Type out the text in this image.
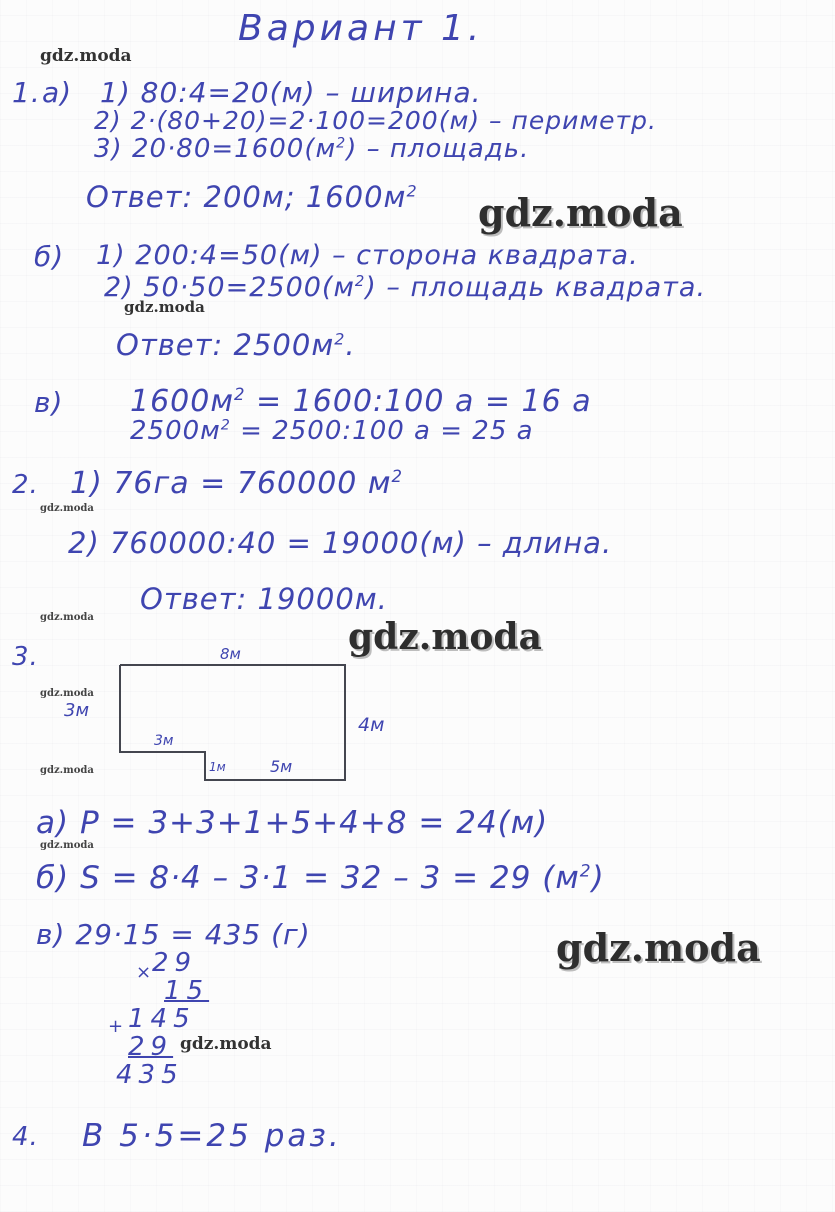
Вариант 1.
gdz.moda
gdz.moda
gdz.moda
gdz.moda
gdz.moda	gdz.moda
gdz.moda
gdz.moda
gdz.moda
gdz.moda
gdz.moda
1. а) 1) 80:4=20(м) – ширина.
2) 2·(80+20)=2·100=200(м) – периметр.
3) $20\cdot 80=1600(м^2)$ – площадь.
Ответ: 200м; $1600м^2$
б) 1) 200:4=50(м) – сторона квадрата.
2) $50\cdot 50=2500(м^2)$ – площадь квадрата.
Ответ: $2500м^2$.
в) $1600м^2$ = 1600:100 а = 16 а
$2500м^2$ = 2500:100 а = 25 а
2. 1) 76га = 760000 $м^2$
2) 760000:40 = 19000(м) – длина.
Ответ: 19000м.
3.	8м
3м
4м
3м
1м	5м
а) P = 3+3+1+5+4+8 = 24(м)
б) S = 8·4 – 3·1 = 32 – 3 = 29 $(м^2)$
в) 29·15 = 435 (г)
× 29
15
+ 145
29
435
4. В 5·5=25 раз.
